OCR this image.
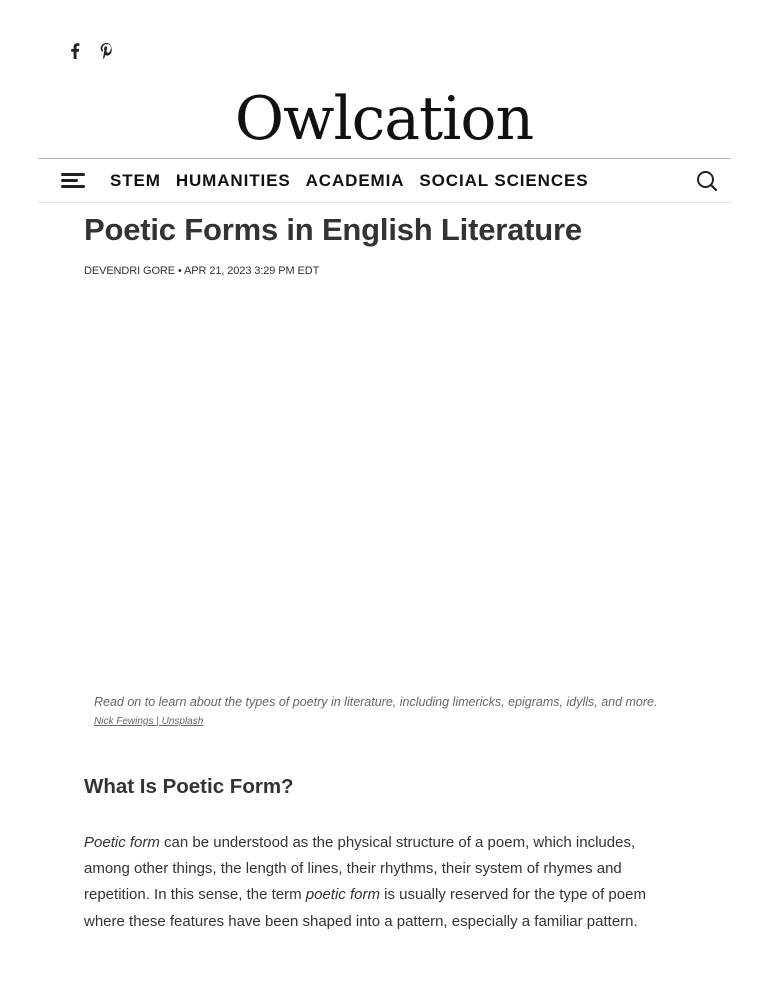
Owlcation
STEM HUMANITIES ACADEMIA SOCIAL SCIENCES
Poetic Forms in English Literature
DEVENDRI GORE • APR 21, 2023 3:29 PM EDT
Read on to learn about the types of poetry in literature, including limericks, epigrams, idylls, and more.
Nick Fewings | Unsplash
What Is Poetic Form?

Poetic form can be understood as the physical structure of a poem, which includes, among other things, the length of lines, their rhythms, their system of rhymes and repetition. In this sense, the term poetic form is usually reserved for the type of poem where these features have been shaped into a pattern, especially a familiar pattern.
